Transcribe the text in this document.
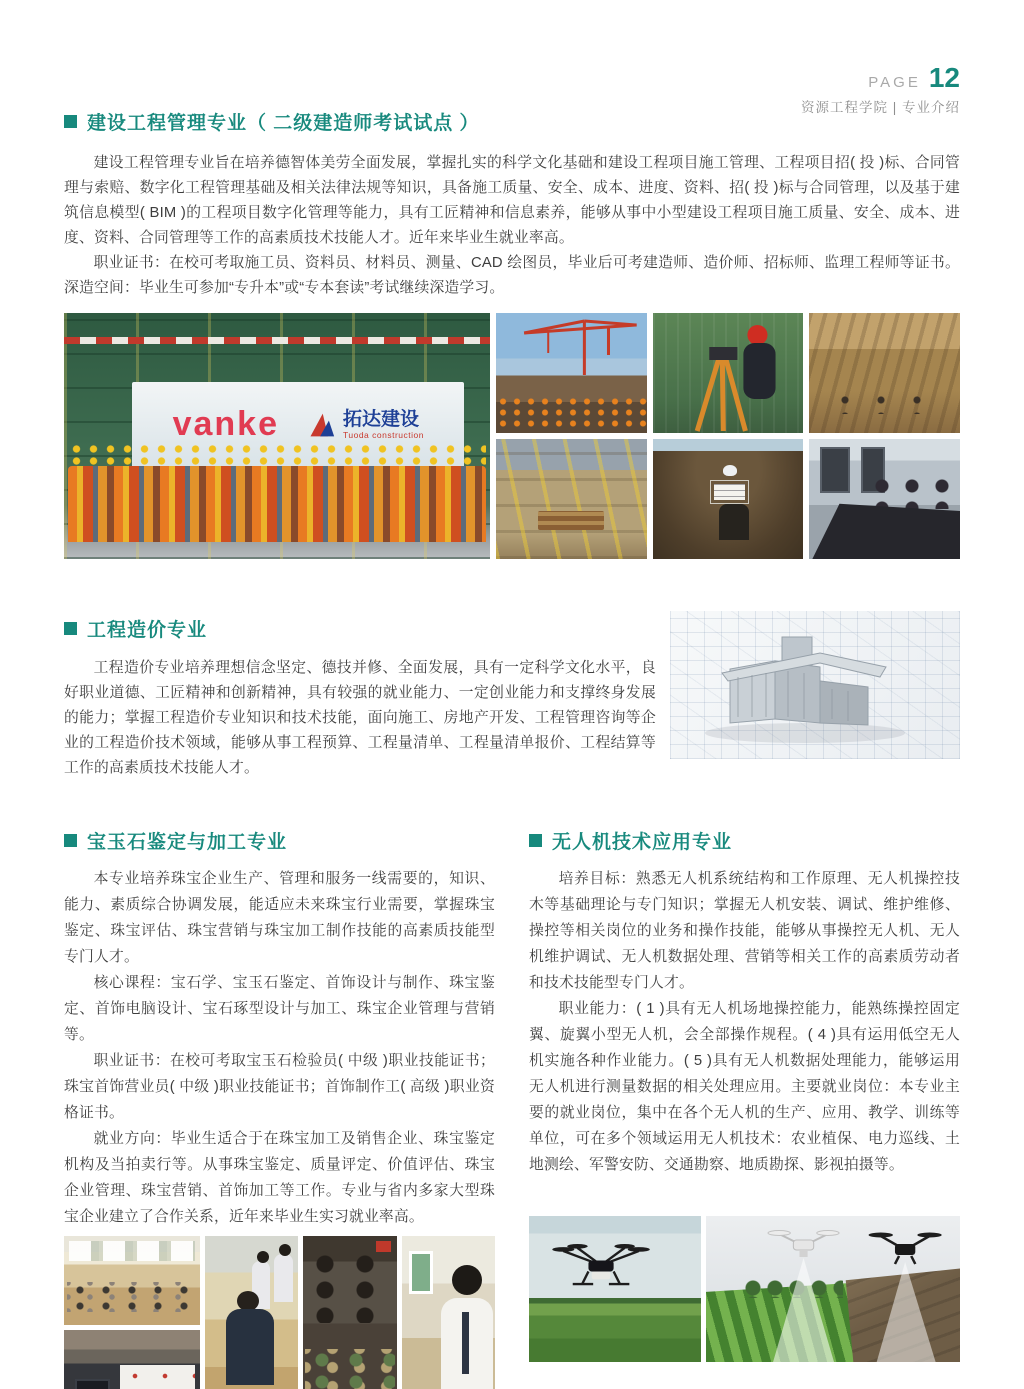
PAGE 12
资源工程学院 | 专业介绍
建设工程管理专业（ 二级建造师考试试点 ）

建设工程管理专业旨在培养德智体美劳全面发展，掌握扎实的科学文化基础和建设工程项目施工管理、工程项目招( 投 )标、合同管理与索赔、数字化工程管理基础及相关法律法规等知识，具备施工质量、安全、成本、进度、资料、招( 投 )标与合同管理，以及基于建筑信息模型( BIM )的工程项目数字化管理等能力，具有工匠精神和信息素养，能够从事中小型建设工程项目施工质量、安全、成本、进度、资料、合同管理等工作的高素质技术技能人才。近年来毕业生就业率高。

职业证书：在校可考取施工员、资料员、材料员、测量、CAD 绘图员，毕业后可考建造师、造价师、招标师、监理工程师等证书。深造空间：毕业生可参加“专升本”或“专本套读”考试继续深造学习。

vanke	拓达建设
Tuoda construction
工程造价专业

工程造价专业培养理想信念坚定、德技并修、全面发展，具有一定科学文化水平，良好职业道德、工匠精神和创新精神，具有较强的就业能力、一定创业能力和支撑终身发展的能力；掌握工程造价专业知识和技术技能，面向施工、房地产开发、工程管理咨询等企业的工程造价技术领域，能够从事工程预算、工程量清单、工程量清单报价、工程结算等工作的高素质技术技能人才。

宝玉石鉴定与加工专业

本专业培养珠宝企业生产、管理和服务一线需要的，知识、能力、素质综合协调发展，能适应未来珠宝行业需要，掌握珠宝鉴定、珠宝评估、珠宝营销与珠宝加工制作技能的高素质技能型专门人才。

核心课程：宝石学、宝玉石鉴定、首饰设计与制作、珠宝鉴定、首饰电脑设计、宝石琢型设计与加工、珠宝企业管理与营销等。

职业证书：在校可考取宝玉石检验员( 中级 )职业技能证书；珠宝首饰营业员( 中级 )职业技能证书；首饰制作工( 高级 )职业资格证书。

就业方向：毕业生适合于在珠宝加工及销售企业、珠宝鉴定机构及当拍卖行等。从事珠宝鉴定、质量评定、价值评估、珠宝企业管理、珠宝营销、首饰加工等工作。专业与省内多家大型珠宝企业建立了合作关系，近年来毕业生实习就业率高。

无人机技术应用专业

培养目标：熟悉无人机系统结构和工作原理、无人机操控技木等基础理论与专门知识；掌握无人机安装、调试、维护维修、操控等相关岗位的业务和操作技能，能够从事操控无人机、无人机维护调试、无人机数据处理、营销等相关工作的高素质劳动者和技术技能型专门人才。

职业能力：( 1 )具有无人机场地操控能力，能熟练操控固定翼、旋翼小型无人机，会全部操作规程。( 4 )具有运用低空无人机实施各种作业能力。( 5 )具有无人机数据处理能力，能够运用无人机进行测量数据的相关处理应用。主要就业岗位：本专业主要的就业岗位，集中在各个无人机的生产、应用、教学、训练等单位，可在多个领域运用无人机技术：农业植保、电力巡线、土地测绘、军警安防、交通勘察、地质勘探、影视拍摄等。
